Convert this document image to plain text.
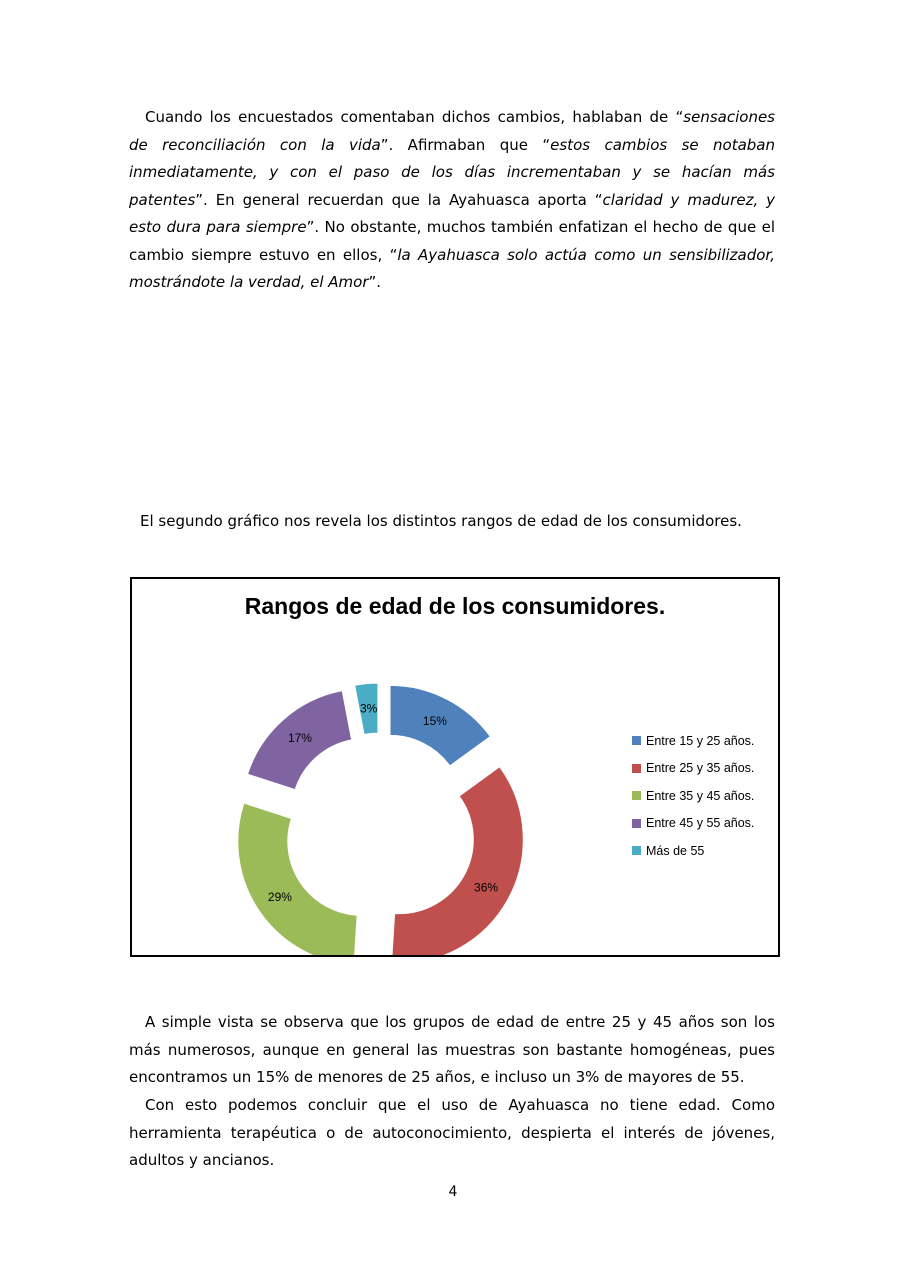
Cuando los encuestados comentaban dichos cambios, hablaban de “sensaciones de reconciliación con la vida”. Afirmaban que “estos cambios se notaban inmediatamente, y con el paso de los días incrementaban y se hacían más patentes”. En general recuerdan que la Ayahuasca aporta “claridad y madurez, y esto dura para siempre”. No obstante, muchos también enfatizan el hecho de que el cambio siempre estuvo en ellos, “la Ayahuasca solo actúa como un sensibilizador, mostrándote la verdad, el Amor”.

El segundo gráfico nos revela los distintos rangos de edad de los consumidores.

Rangos de edad de los consumidores.
15%
36%
29%
17%
3%
Entre 15 y 25 años.
Entre 25 y 35 años.
Entre 35 y 45 años.
Entre 45 y 55 años.
Más de 55

A simple vista se observa que los grupos de edad de entre 25 y 45 años son los más numerosos, aunque en general las muestras son bastante homogéneas, pues encontramos un 15% de menores de 25 años, e incluso un 3% de mayores de 55.

Con esto podemos concluir que el uso de Ayahuasca no tiene edad. Como herramienta terapéutica o de autoconocimiento, despierta el interés de jóvenes, adultos y ancianos.

4
